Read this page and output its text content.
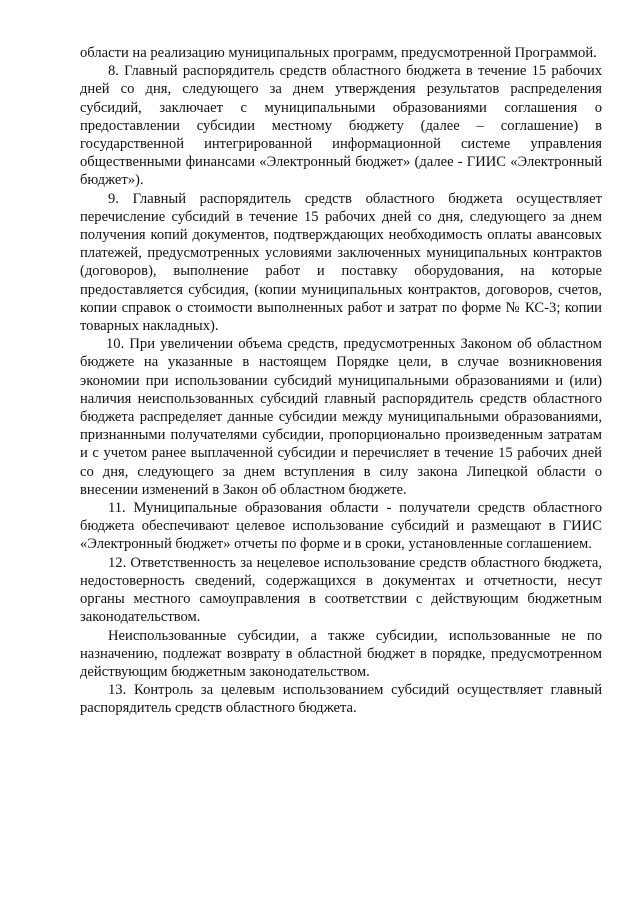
области на реализацию муниципальных программ, предусмотренной Программой.

8. Главный распорядитель средств областного бюджета в течение 15 рабочих дней со дня, следующего за днем утверждения результатов распределения субсидий, заключает с муниципальными образованиями соглашения о предоставлении субсидии местному бюджету (далее – соглашение) в государственной интегрированной информационной системе управления общественными финансами «Электронный бюджет» (далее - ГИИС «Электронный бюджет»).

9. Главный распорядитель средств областного бюджета осуществляет перечисление субсидий в течение 15 рабочих дней со дня, следующего за днем получения копий документов, подтверждающих необходимость оплаты авансовых платежей, предусмотренных условиями заключенных муниципальных контрактов (договоров), выполнение работ и поставку оборудования, на которые предоставляется субсидия, (копии муниципальных контрактов, договоров, счетов, копии справок о стоимости выполненных работ и затрат по форме № КС-3; копии товарных накладных).

10. При увеличении объема средств, предусмотренных Законом об областном бюджете на указанные в настоящем Порядке цели, в случае возникновения экономии при использовании субсидий муниципальными образованиями и (или) наличия неиспользованных субсидий главный распорядитель средств областного бюджета распределяет данные субсидии между муниципальными образованиями, признанными получателями субсидии, пропорционально произведенным затратам и с учетом ранее выплаченной субсидии и перечисляет в течение 15 рабочих дней со дня, следующего за днем вступления в силу закона Липецкой области о внесении изменений в Закон об областном бюджете.

11. Муниципальные образования области - получатели средств областного бюджета обеспечивают целевое использование субсидий и размещают в ГИИС «Электронный бюджет» отчеты по форме и в сроки, установленные соглашением.

12. Ответственность за нецелевое использование средств областного бюджета, недостоверность сведений, содержащихся в документах и отчетности, несут органы местного самоуправления в соответствии с действующим бюджетным законодательством.

Неиспользованные субсидии, а также субсидии, использованные не по назначению, подлежат возврату в областной бюджет в порядке, предусмотренном действующим бюджетным законодательством.

13. Контроль за целевым использованием субсидий осуществляет главный распорядитель средств областного бюджета.
